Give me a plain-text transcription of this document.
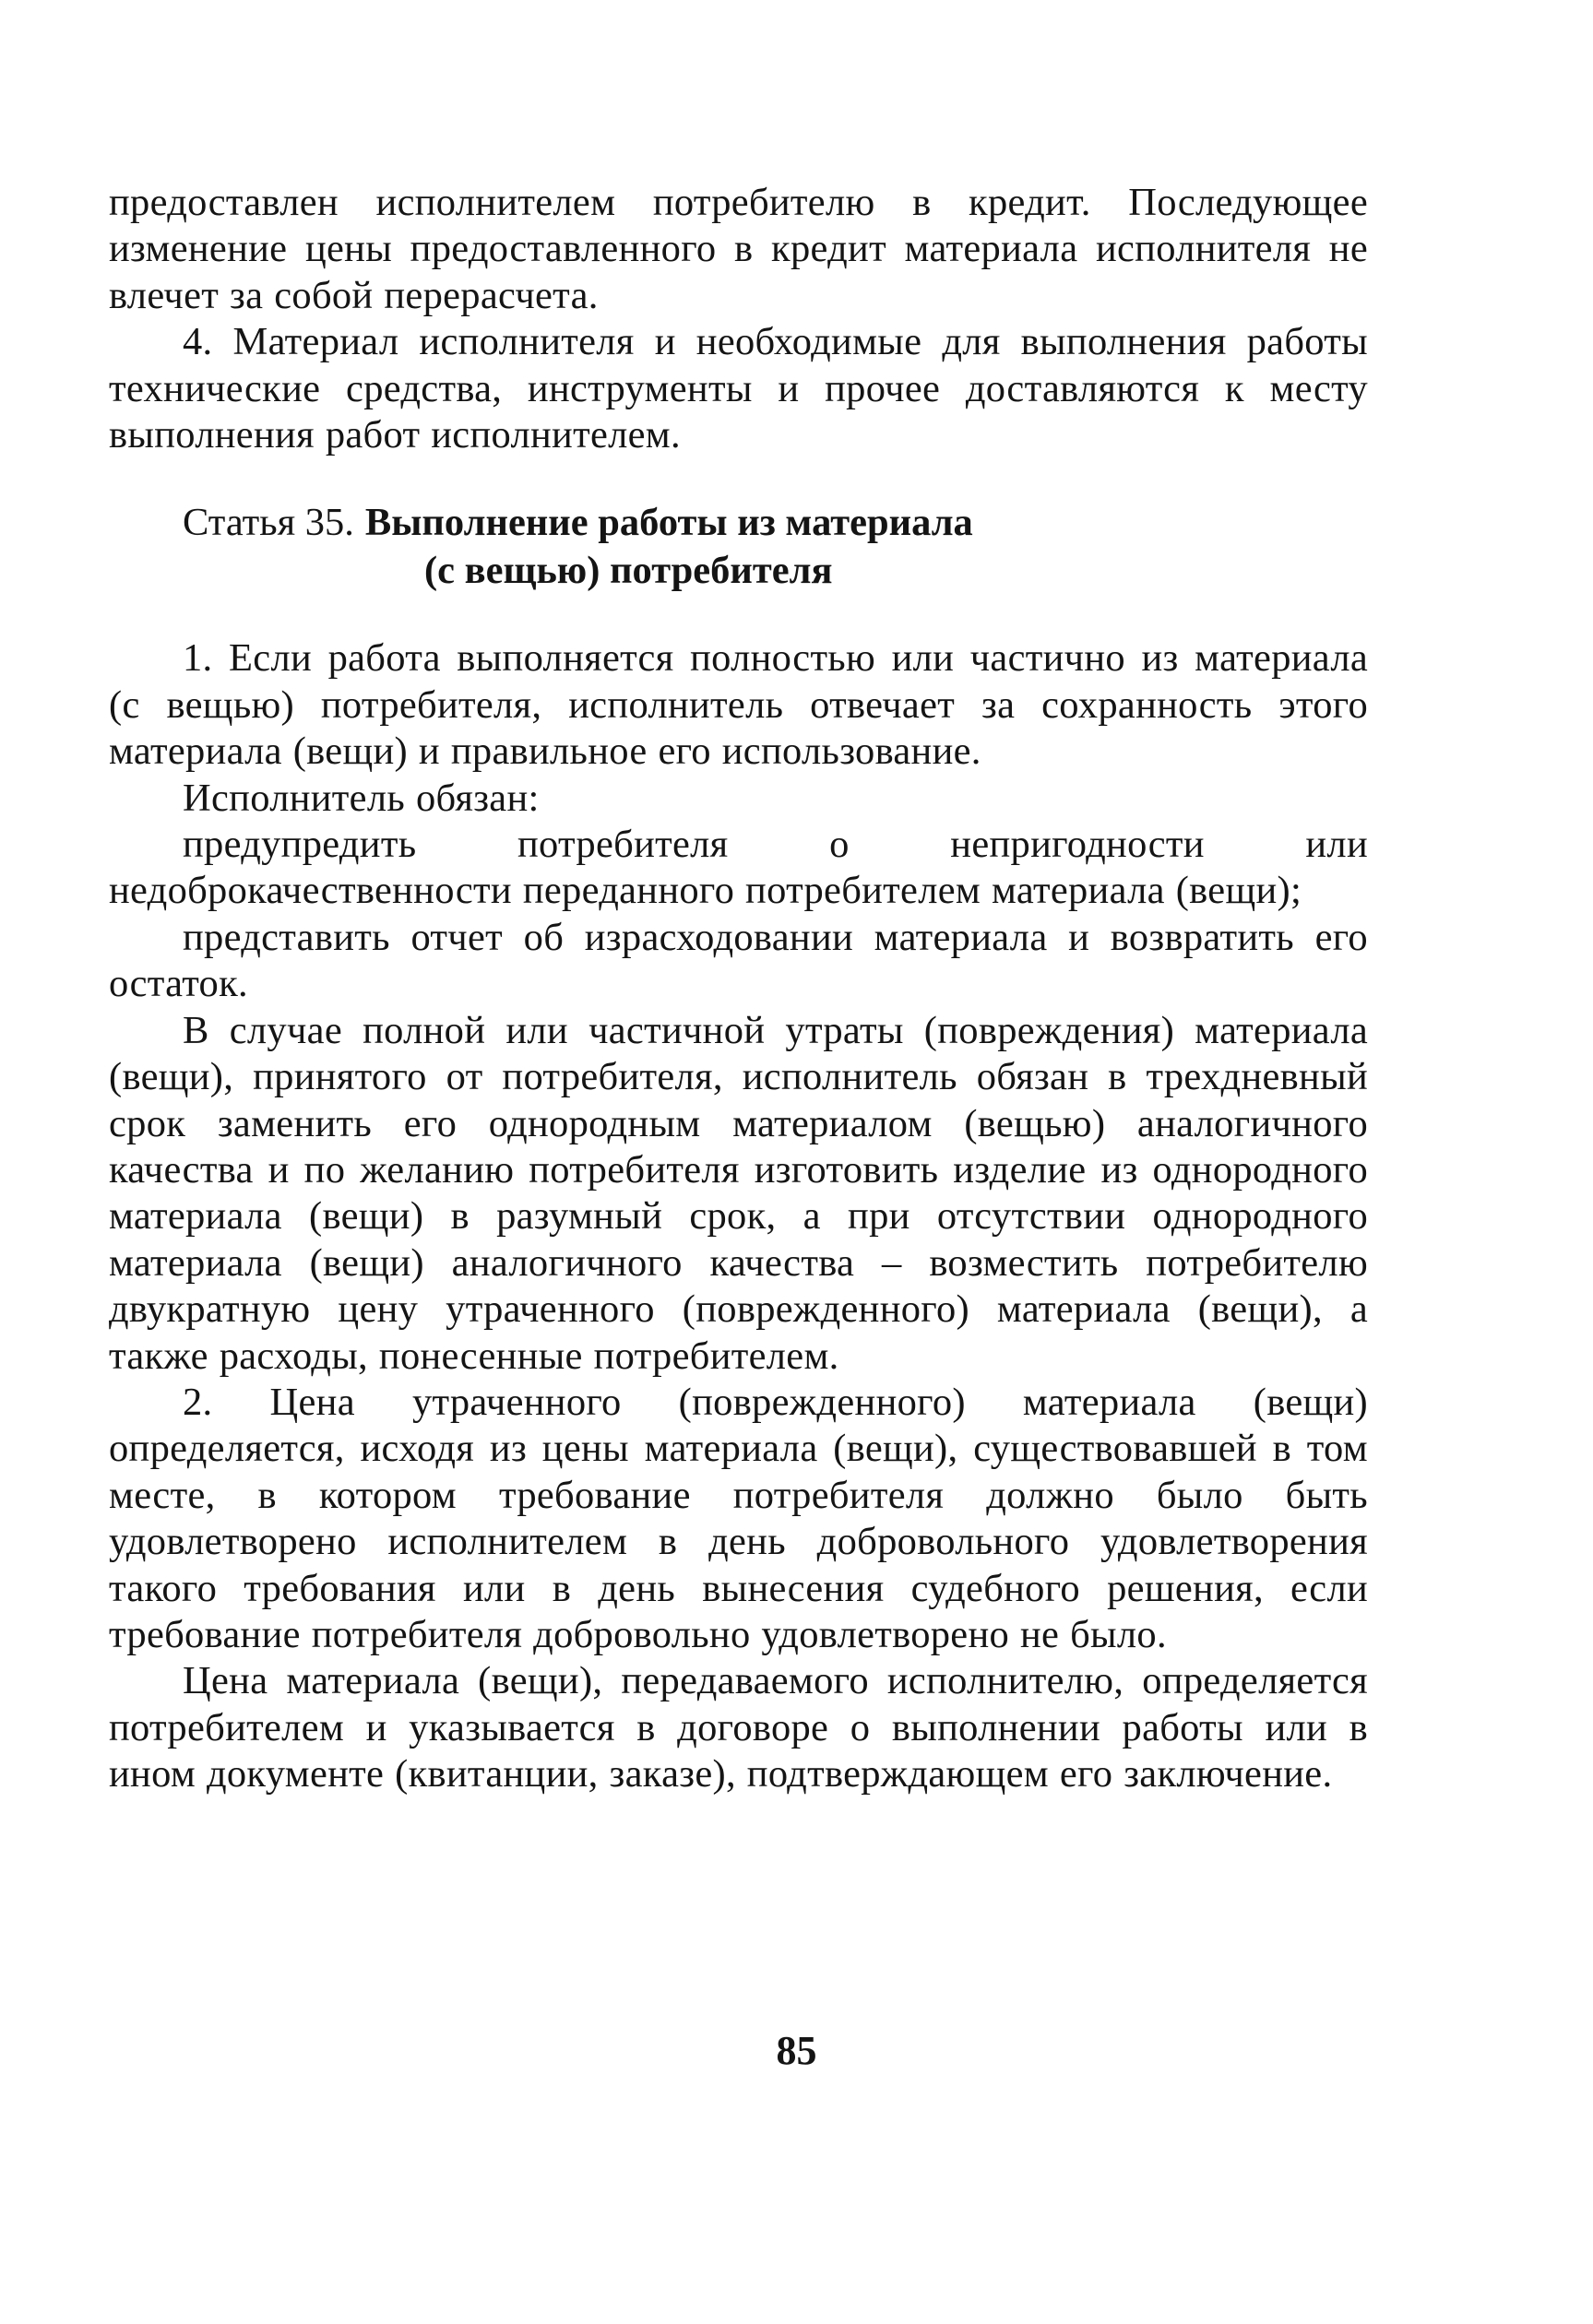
предоставлен исполнителем потребителю в кредит. Последующее изменение цены предоставленного в кредит материала исполнителя не влечет за собой перерасчета.

4. Материал исполнителя и необходимые для выполнения работы технические средства, инструменты и прочее доставляются к месту выполнения работ исполнителем.

Статья 35. Выполнение работы из материала
(с вещью) потребителя

1. Если работа выполняется полностью или частично из материала (с вещью) потребителя, исполнитель отвечает за сохранность этого материала (вещи) и правильное его использование.

Исполнитель обязан:

предупредить потребителя о непригодности или недоброкачественности переданного потребителем материала (вещи);

представить отчет об израсходовании материала и возвратить его остаток.

В случае полной или частичной утраты (повреждения) материала (вещи), принятого от потребителя, исполнитель обязан в трехдневный срок заменить его однородным материалом (вещью) аналогичного качества и по желанию потребителя изготовить изделие из однородного материала (вещи) в разумный срок, а при отсутствии однородного материала (вещи) аналогичного качества – возместить потребителю двукратную цену утраченного (поврежденного) материала (вещи), а также расходы, понесенные потребителем.

2. Цена утраченного (поврежденного) материала (вещи) определяется, исходя из цены материала (вещи), существовавшей в том месте, в котором требование потребителя должно было быть удовлетворено исполнителем в день добровольного удовлетворения такого требования или в день вынесения судебного решения, если требование потребителя добровольно удовлетворено не было.

Цена материала (вещи), передаваемого исполнителю, определяется потребителем и указывается в договоре о выполнении работы или в ином документе (квитанции, заказе), подтверждающем его заключение.

85
